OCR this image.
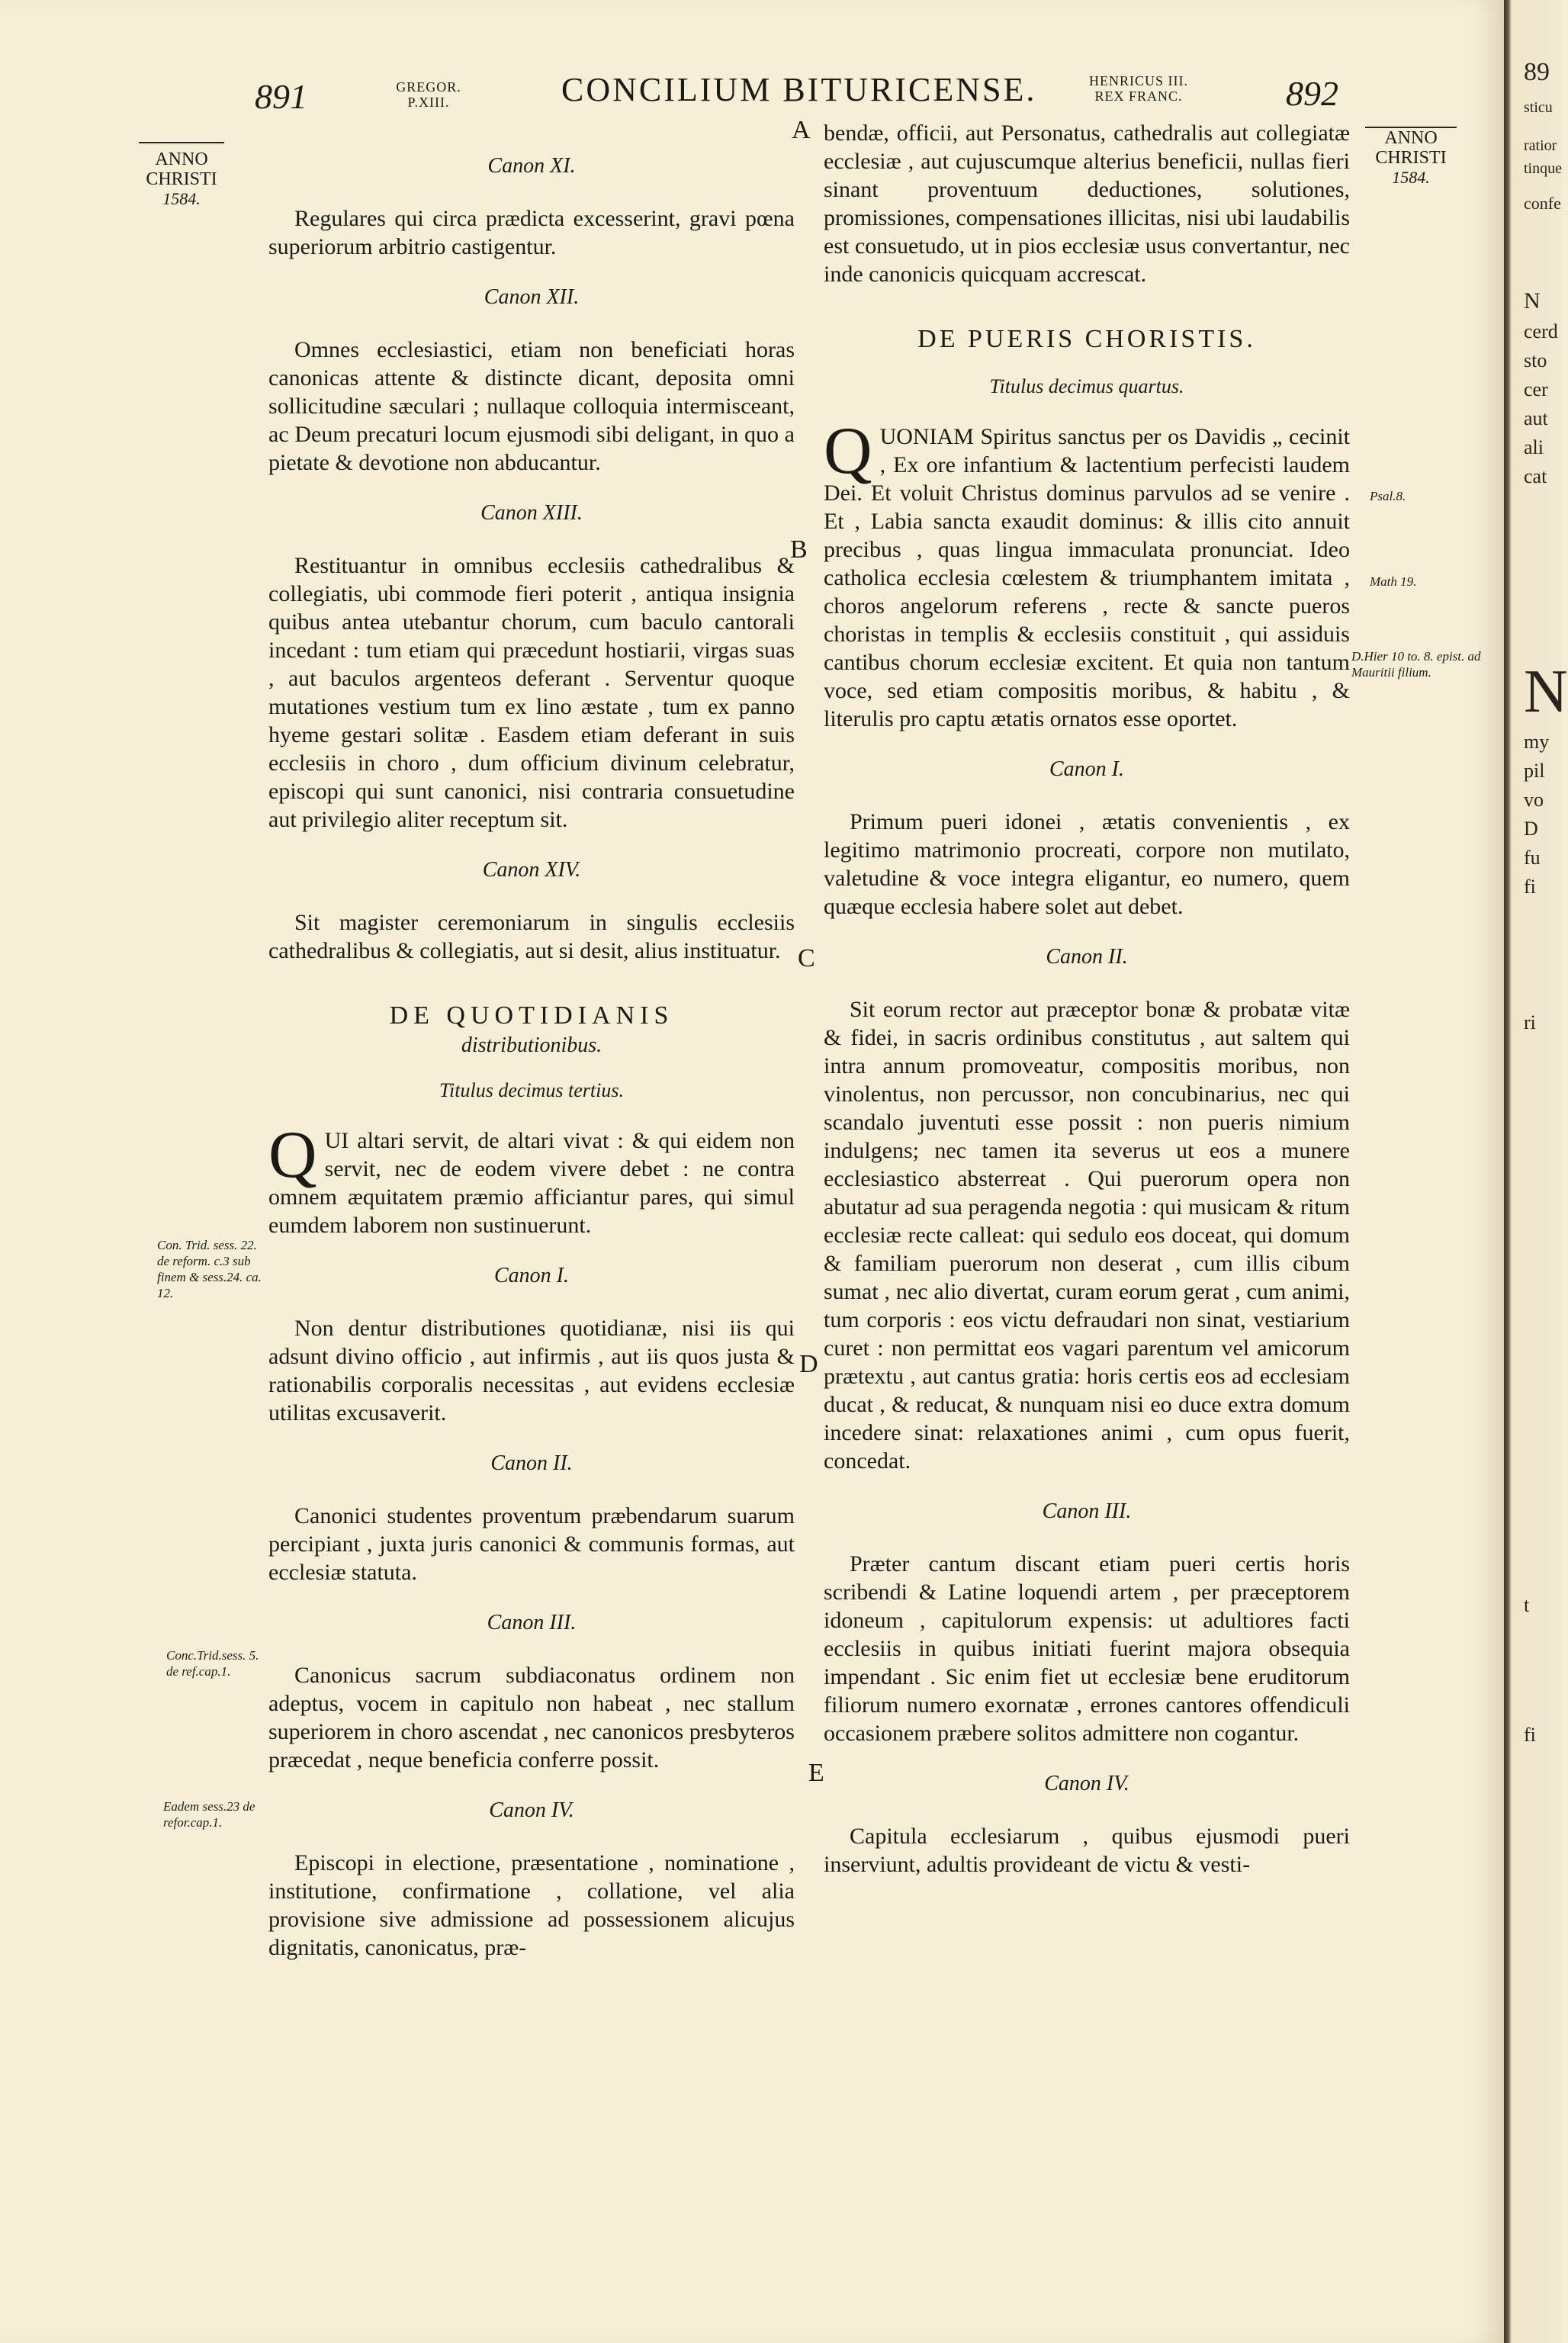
891	GREGOR.
P.XIII.	CONCILIUM BITURICENSE.	HENRICUS III.
REX FRANC.	892
ANNO
CHRISTI
1584.
ANNO
CHRISTI
1584.
A
B
C
D
E
Con. Trid. sess. 22. de reform. c.3 sub finem & sess.24. ca. 12.
Conc.Trid.sess. 5. de ref.cap.1.
Eadem sess.23 de refor.cap.1.
Psal.8.
Math 19.
D.Hier 10 to. 8. epist. ad Mauritii filium.
Canon XI.

Regulares qui circa prædicta excesserint, gravi pœna superiorum arbitrio castigentur.

Canon XII.

Omnes ecclesiastici, etiam non beneficiati horas canonicas attente & distincte dicant, deposita omni sollicitudine sæculari ; nullaque colloquia intermisceant, ac Deum precaturi locum ejusmodi sibi deligant, in quo a pietate & devotione non abducantur.

Canon XIII.

Restituantur in omnibus ecclesiis cathedralibus & collegiatis, ubi commode fieri poterit , antiqua insignia quibus antea utebantur chorum, cum baculo cantorali incedant : tum etiam qui præcedunt hostiarii, virgas suas , aut baculos argenteos deferant . Serventur quoque mutationes vestium tum ex lino æstate , tum ex panno hyeme gestari solitæ . Easdem etiam deferant in suis ecclesiis in choro , dum officium divinum celebratur, episcopi qui sunt canonici, nisi contraria consuetudine aut privilegio aliter receptum sit.

Canon XIV.

Sit magister ceremoniarum in singulis ecclesiis cathedralibus & collegiatis, aut si desit, alius instituatur.

DE QUOTIDIANIS
distributionibus.
Titulus decimus tertius.

QUI altari servit, de altari vivat : & qui eidem non servit, nec de eodem vivere debet : ne contra omnem æquitatem præmio afficiantur pares, qui simul eumdem laborem non sustinuerunt.

Canon I.

Non dentur distributiones quotidianæ, nisi iis qui adsunt divino officio , aut infirmis , aut iis quos justa & rationabilis corporalis necessitas , aut evidens ecclesiæ utilitas excusaverit.

Canon II.

Canonici studentes proventum præbendarum suarum percipiant , juxta juris canonici & communis formas, aut ecclesiæ statuta.

Canon III.

Canonicus sacrum subdiaconatus ordinem non adeptus, vocem in capitulo non habeat , nec stallum superiorem in choro ascendat , nec canonicos presbyteros præcedat , neque beneficia conferre possit.

Canon IV.

Episcopi in electione, præsentatione , nominatione , institutione, confirmatione , collatione, vel alia provisione sive admissione ad possessionem alicujus dignitatis, canonicatus, præ-

bendæ, officii, aut Personatus, cathedralis aut collegiatæ ecclesiæ , aut cujuscumque alterius beneficii, nullas fieri sinant proventuum deductiones, solutiones, promissiones, compensationes illicitas, nisi ubi laudabilis est consuetudo, ut in pios ecclesiæ usus convertantur, nec inde canonicis quicquam accrescat.

DE PUERIS CHORISTIS.
Titulus decimus quartus.

QUONIAM Spiritus sanctus per os Davidis „ cecinit , Ex ore infantium & lactentium perfecisti laudem Dei. Et voluit Christus dominus parvulos ad se venire . Et , Labia sancta exaudit dominus: & illis cito annuit precibus , quas lingua immaculata pronunciat. Ideo catholica ecclesia cœlestem & triumphantem imitata , choros angelorum referens , recte & sancte pueros choristas in templis & ecclesiis constituit , qui assiduis cantibus chorum ecclesiæ excitent. Et quia non tantum voce, sed etiam compositis moribus, & habitu , & literulis pro captu ætatis ornatos esse oportet.

Canon I.

Primum pueri idonei , ætatis convenientis , ex legitimo matrimonio procreati, corpore non mutilato, valetudine & voce integra eligantur, eo numero, quem quæque ecclesia habere solet aut debet.

Canon II.

Sit eorum rector aut præceptor bonæ & probatæ vitæ & fidei, in sacris ordinibus constitutus , aut saltem qui intra annum promoveatur, compositis moribus, non vinolentus, non percussor, non concubinarius, nec qui scandalo juventuti esse possit : non pueris nimium indulgens; nec tamen ita severus ut eos a munere ecclesiastico absterreat . Qui puerorum opera non abutatur ad sua peragenda negotia : qui musicam & ritum ecclesiæ recte calleat: qui sedulo eos doceat, qui domum & familiam puerorum non deserat , cum illis cibum sumat , nec alio divertat, curam eorum gerat , cum animi, tum corporis : eos victu defraudari non sinat, vestiarium curet : non permittat eos vagari parentum vel amicorum prætextu , aut cantus gratia: horis certis eos ad ecclesiam ducat , & reducat, & nunquam nisi eo duce extra domum incedere sinat: relaxationes animi , cum opus fuerit, concedat.

Canon III.

Præter cantum discant etiam pueri certis horis scribendi & Latine loquendi artem , per præceptorem idoneum , capitulorum expensis: ut adultiores facti ecclesiis in quibus initiati fuerint majora obsequia impendant . Sic enim fiet ut ecclesiæ bene eruditorum filiorum numero exornatæ , errones cantores offendiculi occasionem præbere solitos admittere non cogantur.

Canon IV.

Capitula ecclesiarum , quibus ejusmodi pueri inserviunt, adultis provideant de victu & vesti-

89
sticu
ratior
tinque
confe
N
cerd
sto
cer
aut
ali
cat
N
my
pil
vo
D
fu
fi
ri
t
fi
